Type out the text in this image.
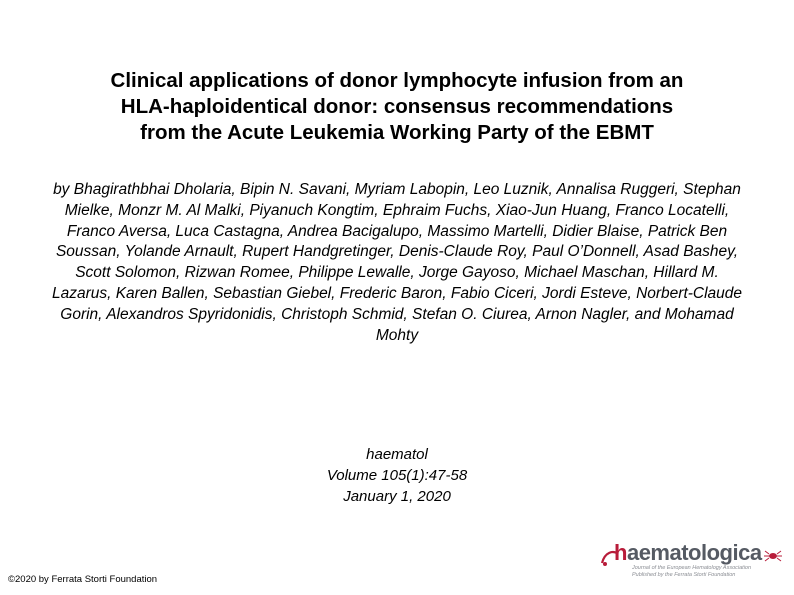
Clinical applications of donor lymphocyte infusion from an
HLA-haploidentical donor: consensus recommendations
from the Acute Leukemia Working Party of the EBMT

by Bhagirathbhai Dholaria, Bipin N. Savani, Myriam Labopin, Leo Luznik, Annalisa Ruggeri, Stephan Mielke, Monzr M. Al Malki, Piyanuch Kongtim, Ephraim Fuchs, Xiao-Jun Huang, Franco Locatelli, Franco Aversa, Luca Castagna, Andrea Bacigalupo, Massimo Martelli, Didier Blaise, Patrick Ben Soussan, Yolande Arnault, Rupert Handgretinger, Denis-Claude Roy, Paul O’Donnell, Asad Bashey, Scott Solomon, Rizwan Romee, Philippe Lewalle, Jorge Gayoso, Michael Maschan, Hillard M. Lazarus, Karen Ballen, Sebastian Giebel, Frederic Baron, Fabio Ciceri, Jordi Esteve, Norbert-Claude Gorin, Alexandros Spyridonidis, Christoph Schmid, Stefan O. Ciurea, Arnon Nagler, and Mohamad Mohty

haematol
Volume 105(1):47-58
January 1, 2020
©2020 by Ferrata Storti Foundation
haematologica
Journal of the European Hematology Association
Published by the Ferrata Storti Foundation
